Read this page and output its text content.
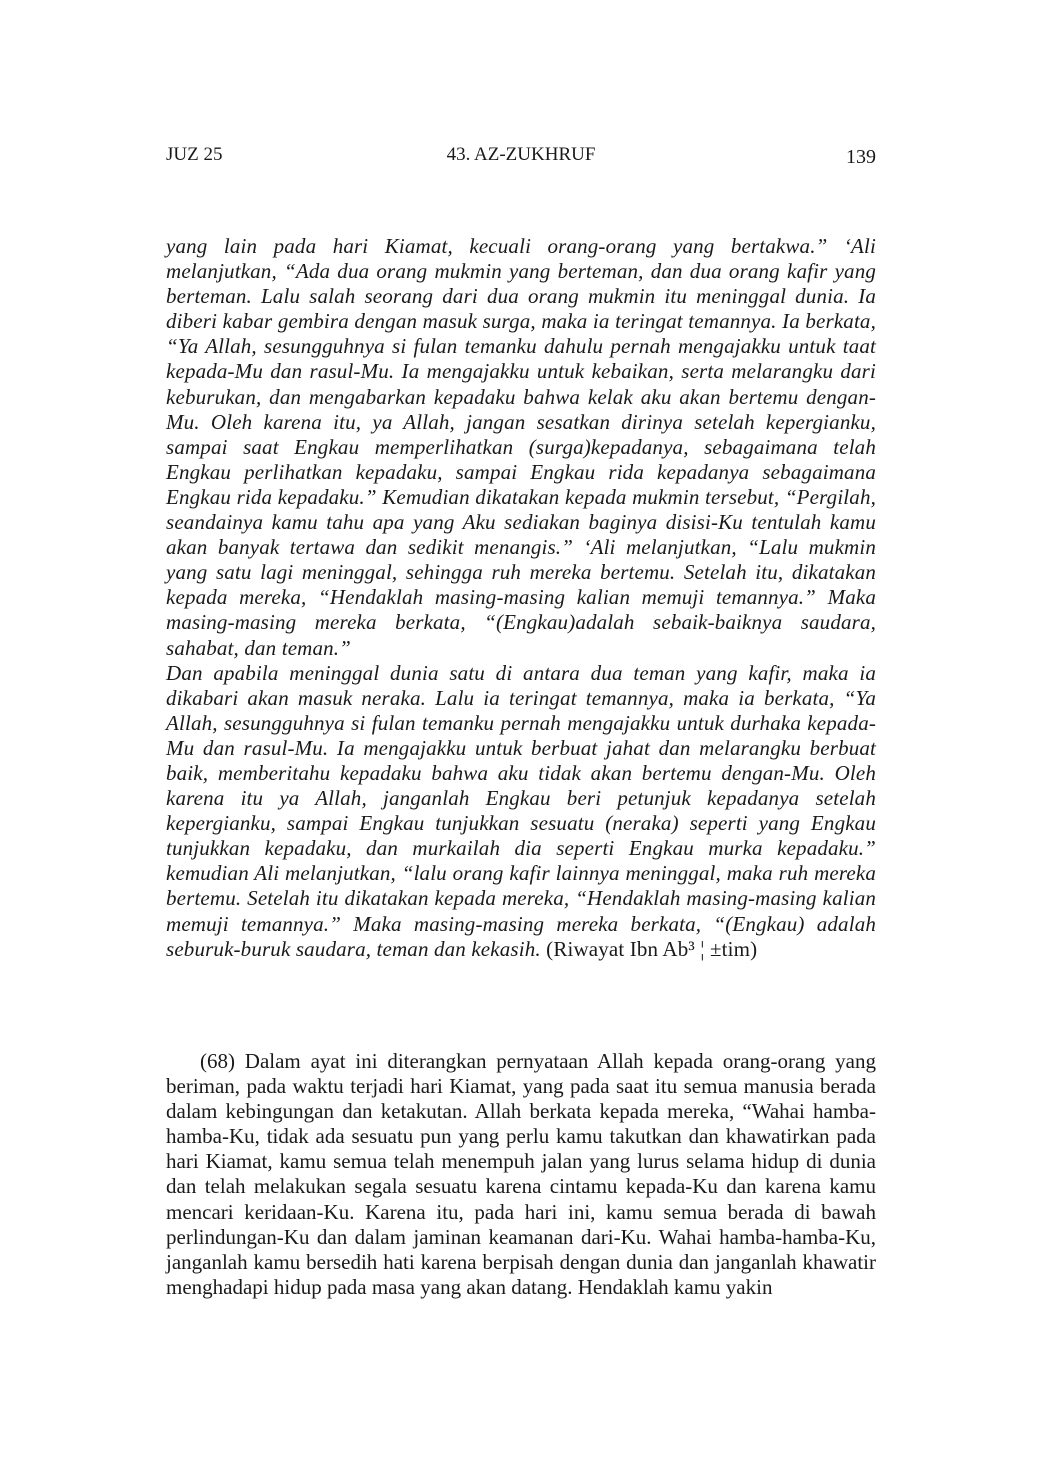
JUZ 25	43. AZ-ZUKHRUF	139

yang lain pada hari Kiamat, kecuali orang-orang yang bertakwa.” ‘Ali melanjutkan, “Ada dua orang mukmin yang berteman, dan dua orang kafir yang berteman. Lalu salah seorang dari dua orang mukmin itu meninggal dunia. Ia diberi kabar gembira dengan masuk surga, maka ia teringat temannya. Ia berkata, “Ya Allah, sesungguhnya si fulan temanku dahulu pernah mengajakku untuk taat kepada-Mu dan rasul-Mu. Ia mengajakku untuk kebaikan, serta melarangku dari keburukan, dan mengabarkan kepadaku bahwa kelak aku akan bertemu dengan-Mu. Oleh karena itu, ya Allah, jangan sesatkan dirinya setelah kepergianku, sampai saat Engkau memperlihatkan (surga)kepadanya, sebagaimana telah Engkau perlihatkan kepadaku, sampai Engkau rida kepadanya sebagaimana Engkau rida kepadaku.” Kemudian dikatakan kepada mukmin tersebut, “Pergilah, seandainya kamu tahu apa yang Aku sediakan baginya disisi-Ku tentulah kamu akan banyak tertawa dan sedikit menangis.” ‘Ali melanjutkan, “Lalu mukmin yang satu lagi meninggal, sehingga ruh mereka bertemu. Setelah itu, dikatakan kepada mereka, “Hendaklah masing-masing kalian memuji temannya.” Maka masing-masing mereka berkata, “(Engkau)adalah sebaik-baiknya saudara, sahabat, dan teman.”

Dan apabila meninggal dunia satu di antara dua teman yang kafir, maka ia dikabari akan masuk neraka. Lalu ia teringat temannya, maka ia berkata, “Ya Allah, sesungguhnya si fulan temanku pernah mengajakku untuk durhaka kepada-Mu dan rasul-Mu. Ia mengajakku untuk berbuat jahat dan melarangku berbuat baik, memberitahu kepadaku bahwa aku tidak akan bertemu dengan-Mu. Oleh karena itu ya Allah, janganlah Engkau beri petunjuk kepadanya setelah kepergianku, sampai Engkau tunjukkan sesuatu (neraka) seperti yang Engkau tunjukkan kepadaku, dan murkailah dia seperti Engkau murka kepadaku.” kemudian Ali melanjutkan, “lalu orang kafir lainnya meninggal, maka ruh mereka bertemu. Setelah itu dikatakan kepada mereka, “Hendaklah masing-masing kalian memuji temannya.” Maka masing-masing mereka berkata, “(Engkau) adalah seburuk-buruk saudara, teman dan kekasih. (Riwayat Ibn Ab³ ¦ ±tim)

(68) Dalam ayat ini diterangkan pernyataan Allah kepada orang-orang yang beriman, pada waktu terjadi hari Kiamat, yang pada saat itu semua manusia berada dalam kebingungan dan ketakutan. Allah berkata kepada mereka, “Wahai hamba-hamba-Ku, tidak ada sesuatu pun yang perlu kamu takutkan dan khawatirkan pada hari Kiamat, kamu semua telah menempuh jalan yang lurus selama hidup di dunia dan telah melakukan segala sesuatu karena cintamu kepada-Ku dan karena kamu mencari keridaan-Ku. Karena itu, pada hari ini, kamu semua berada di bawah perlindungan-Ku dan dalam jaminan keamanan dari-Ku. Wahai hamba-hamba-Ku, janganlah kamu bersedih hati karena berpisah dengan dunia dan janganlah khawatir menghadapi hidup pada masa yang akan datang. Hendaklah kamu yakin
